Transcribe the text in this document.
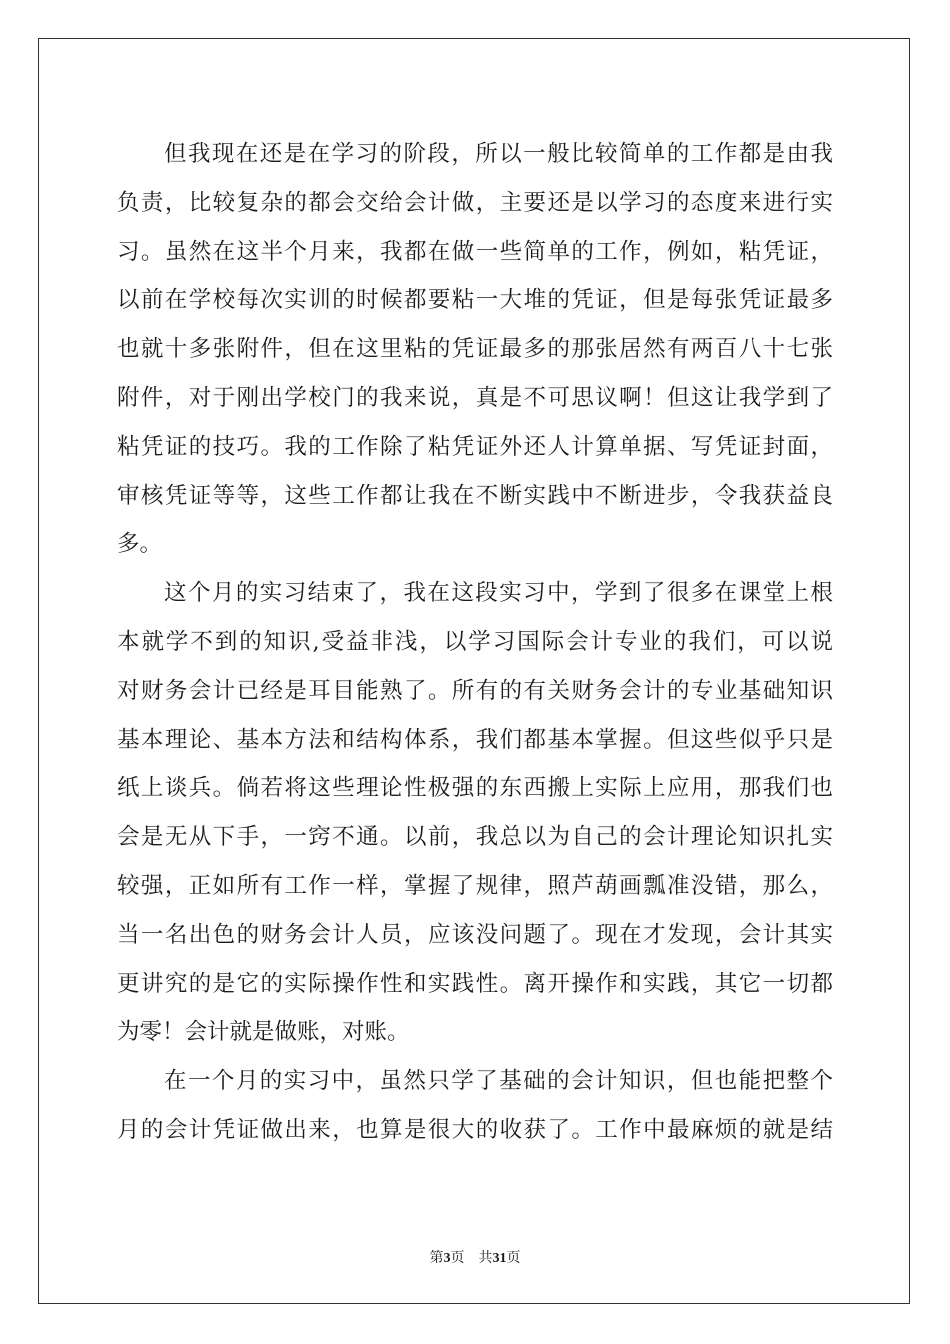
但我现在还是在学习的阶段，所以一般比较简单的工作都是由我
负责，比较复杂的都会交给会计做，主要还是以学习的态度来进行实
习。虽然在这半个月来，我都在做一些简单的工作，例如，粘凭证，
以前在学校每次实训的时候都要粘一大堆的凭证，但是每张凭证最多
也就十多张附件，但在这里粘的凭证最多的那张居然有两百八十七张
附件，对于刚出学校门的我来说，真是不可思议啊！但这让我学到了
粘凭证的技巧。我的工作除了粘凭证外还人计算单据、写凭证封面，
审核凭证等等，这些工作都让我在不断实践中不断进步，令我获益良
多。
这个月的实习结束了，我在这段实习中，学到了很多在课堂上根
本就学不到的知识,受益非浅，以学习国际会计专业的我们，可以说
对财务会计已经是耳目能熟了。所有的有关财务会计的专业基础知识
基本理论、基本方法和结构体系，我们都基本掌握。但这些似乎只是
纸上谈兵。倘若将这些理论性极强的东西搬上实际上应用，那我们也
会是无从下手，一窍不通。以前，我总以为自己的会计理论知识扎实
较强，正如所有工作一样，掌握了规律，照芦葫画瓢准没错，那么，
当一名出色的财务会计人员，应该没问题了。现在才发现，会计其实
更讲究的是它的实际操作性和实践性。离开操作和实践，其它一切都
为零！会计就是做账，对账。
在一个月的实习中，虽然只学了基础的会计知识，但也能把整个
月的会计凭证做出来，也算是很大的收获了。工作中最麻烦的就是结
第3页 共31页
